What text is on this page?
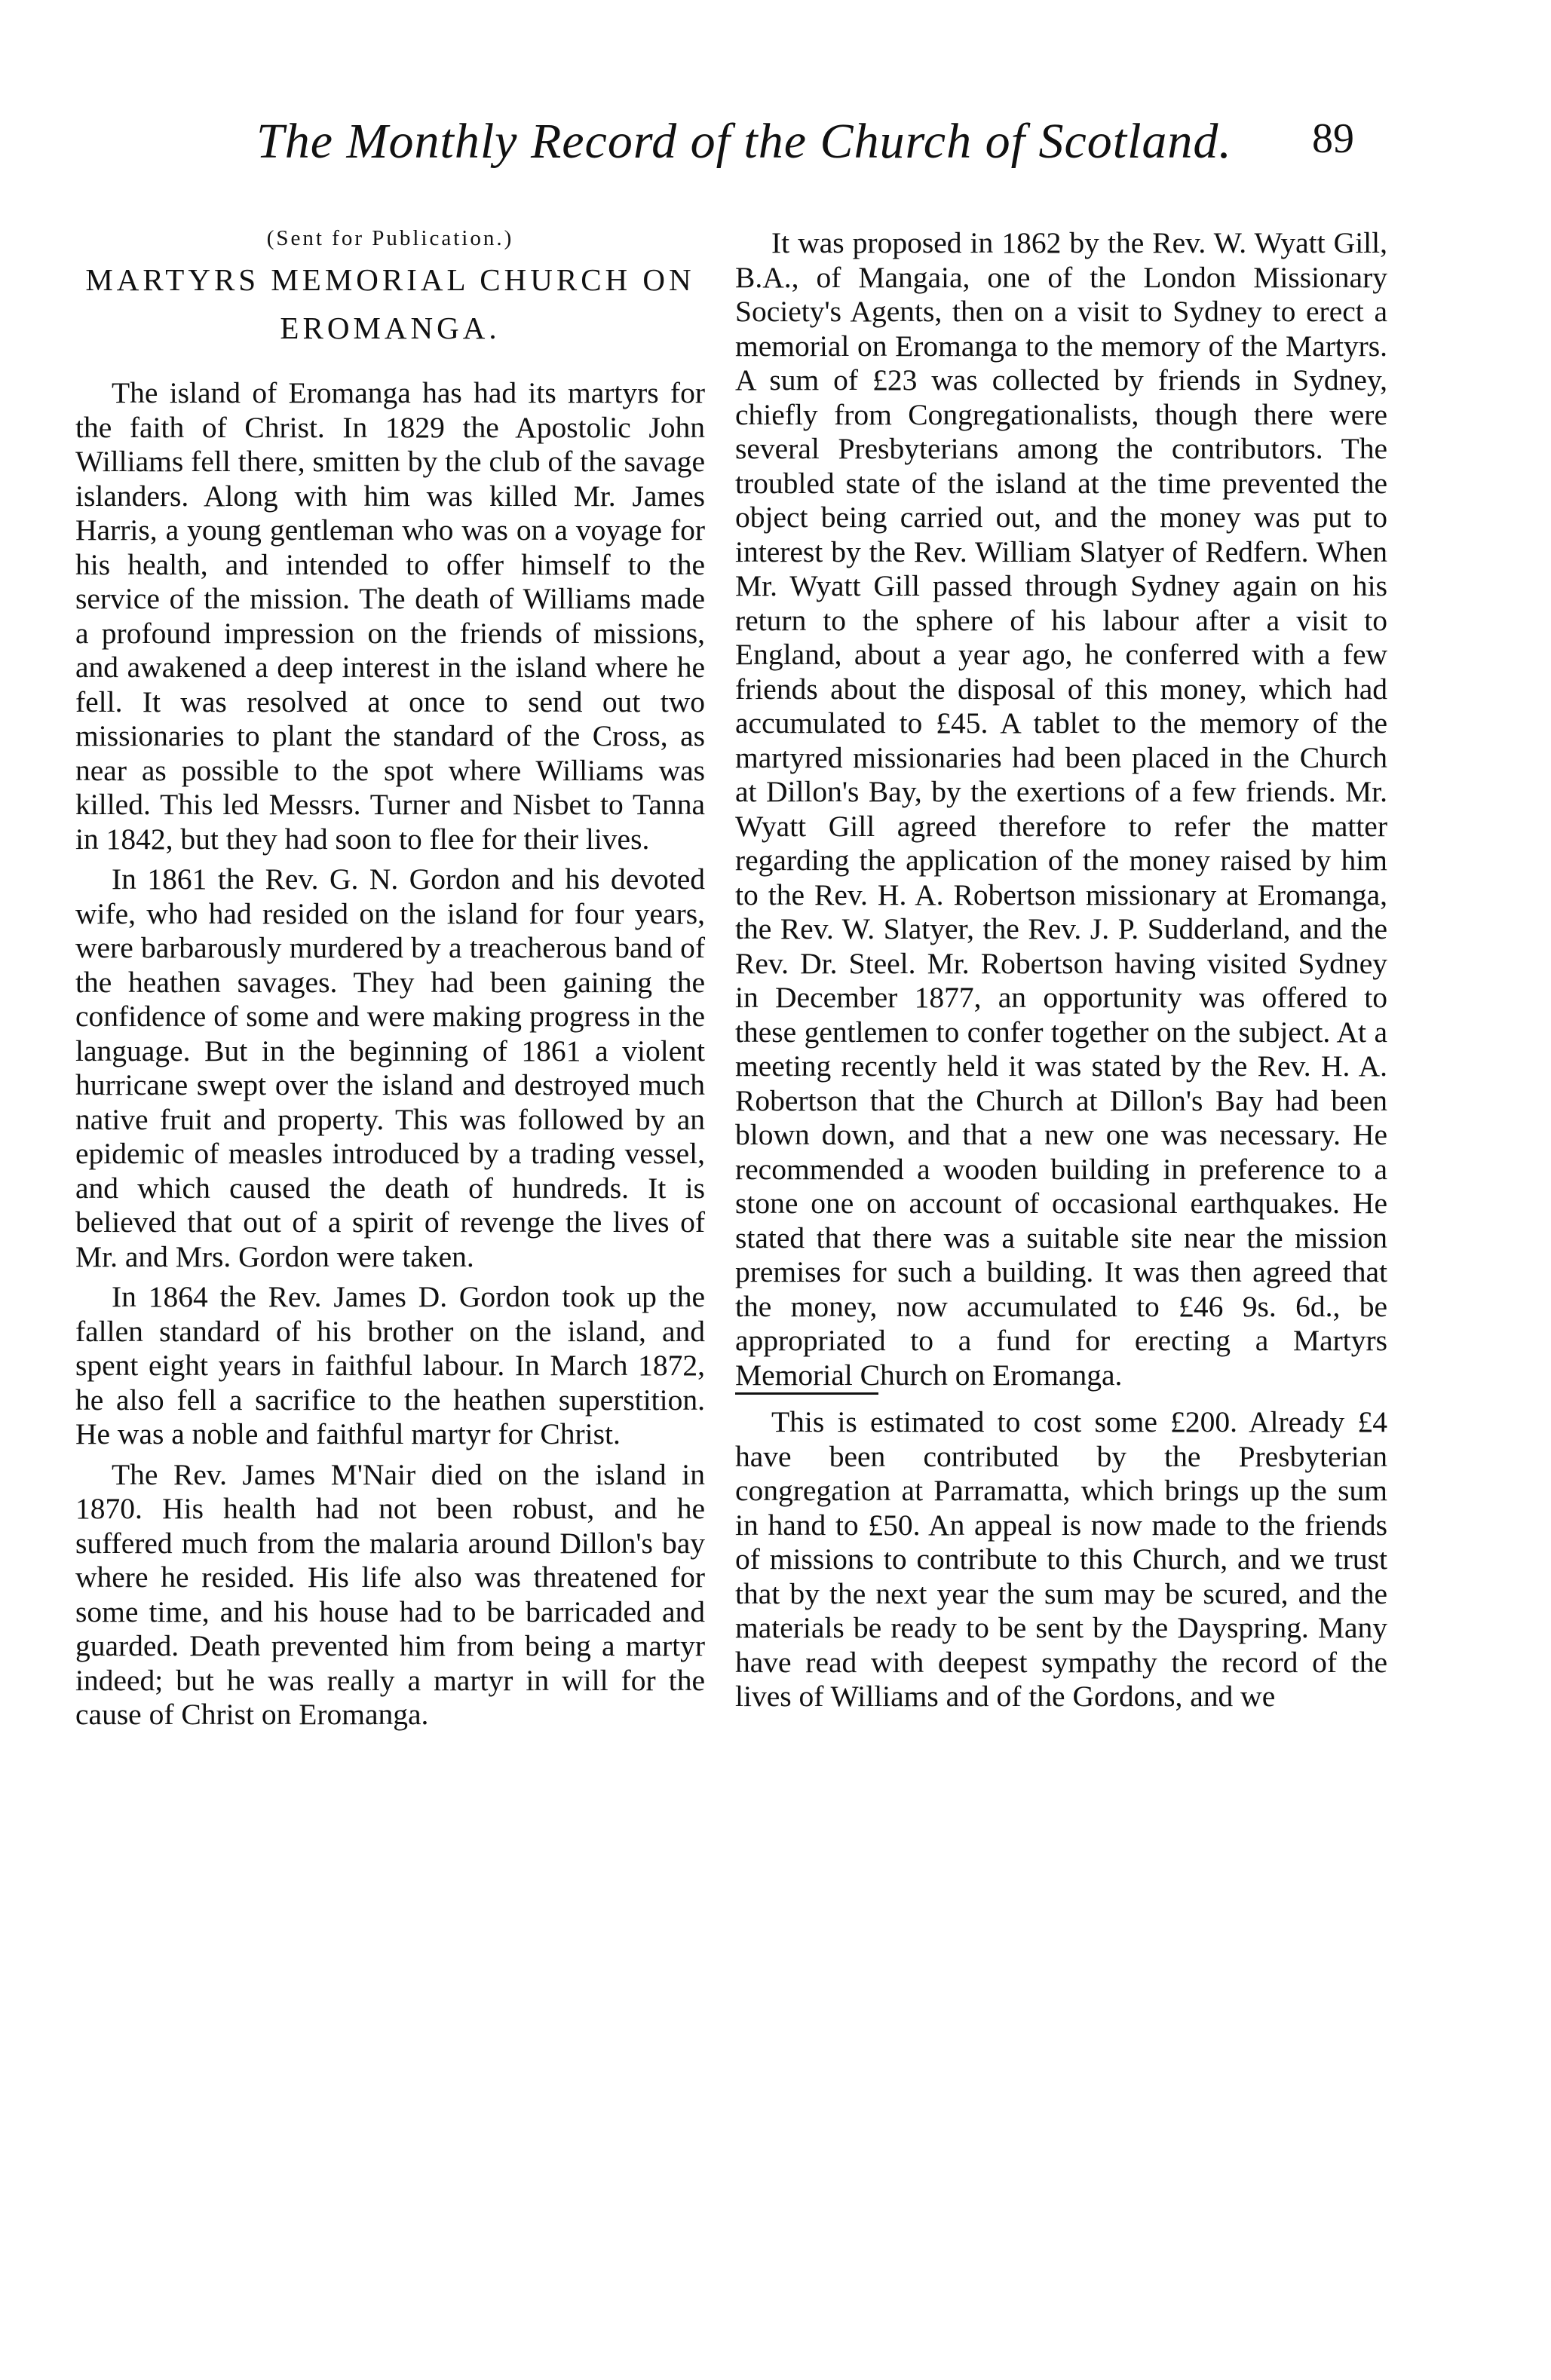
The Monthly Record of the Church of Scotland. 89

(Sent for Publication.)

MARTYRS MEMORIAL CHURCH ON
EROMANGA.

The island of Eromanga has had its martyrs for the faith of Christ. In 1829 the Apostolic John Williams fell there, smitten by the club of the savage islanders. Along with him was killed Mr. James Harris, a young gentleman who was on a voyage for his health, and intended to offer himself to the service of the mission. The death of Williams made a profound impression on the friends of missions, and awakened a deep interest in the island where he fell. It was resolved at once to send out two missionaries to plant the standard of the Cross, as near as possible to the spot where Williams was killed. This led Messrs. Turner and Nisbet to Tanna in 1842, but they had soon to flee for their lives.

In 1861 the Rev. G. N. Gordon and his devoted wife, who had resided on the island for four years, were barbarously murdered by a treacherous band of the heathen savages. They had been gaining the confidence of some and were making progress in the language. But in the beginning of 1861 a violent hurricane swept over the island and destroyed much native fruit and property. This was followed by an epidemic of measles introduced by a trading vessel, and which caused the death of hundreds. It is believed that out of a spirit of revenge the lives of Mr. and Mrs. Gordon were taken.

In 1864 the Rev. James D. Gordon took up the fallen standard of his brother on the island, and spent eight years in faithful labour. In March 1872, he also fell a sacrifice to the heathen superstition. He was a noble and faithful martyr for Christ.

The Rev. James M'Nair died on the island in 1870. His health had not been robust, and he suffered much from the malaria around Dillon's bay where he resided. His life also was threatened for some time, and his house had to be barricaded and guarded. Death prevented him from being a martyr indeed; but he was really a martyr in will for the cause of Christ on Eromanga.

It was proposed in 1862 by the Rev. W. Wyatt Gill, B.A., of Mangaia, one of the London Missionary Society's Agents, then on a visit to Sydney to erect a memorial on Eromanga to the memory of the Martyrs. A sum of £23 was collected by friends in Sydney, chiefly from Congregationalists, though there were several Presbyterians among the contributors. The troubled state of the island at the time prevented the object being carried out, and the money was put to interest by the Rev. William Slatyer of Redfern. When Mr. Wyatt Gill passed through Sydney again on his return to the sphere of his labour after a visit to England, about a year ago, he conferred with a few friends about the disposal of this money, which had accumulated to £45. A tablet to the memory of the martyred missionaries had been placed in the Church at Dillon's Bay, by the exertions of a few friends. Mr. Wyatt Gill agreed therefore to refer the matter regarding the application of the money raised by him to the Rev. H. A. Robertson missionary at Eromanga, the Rev. W. Slatyer, the Rev. J. P. Sudderland, and the Rev. Dr. Steel. Mr. Robertson having visited Sydney in December 1877, an opportunity was offered to these gentlemen to confer together on the subject. At a meeting recently held it was stated by the Rev. H. A. Robertson that the Church at Dillon's Bay had been blown down, and that a new one was necessary. He recommended a wooden building in preference to a stone one on account of occasional earthquakes. He stated that there was a suitable site near the mission premises for such a building. It was then agreed that the money, now accumulated to £46 9s. 6d., be appropriated to a fund for erecting a Martyrs Memorial Church on Eromanga.

This is estimated to cost some £200. Already £4 have been contributed by the Presbyterian congregation at Parramatta, which brings up the sum in hand to £50. An appeal is now made to the friends of missions to contribute to this Church, and we trust that by the next year the sum may be scured, and the materials be ready to be sent by the Dayspring. Many have read with deepest sympathy the record of the lives of Williams and of the Gordons, and we
